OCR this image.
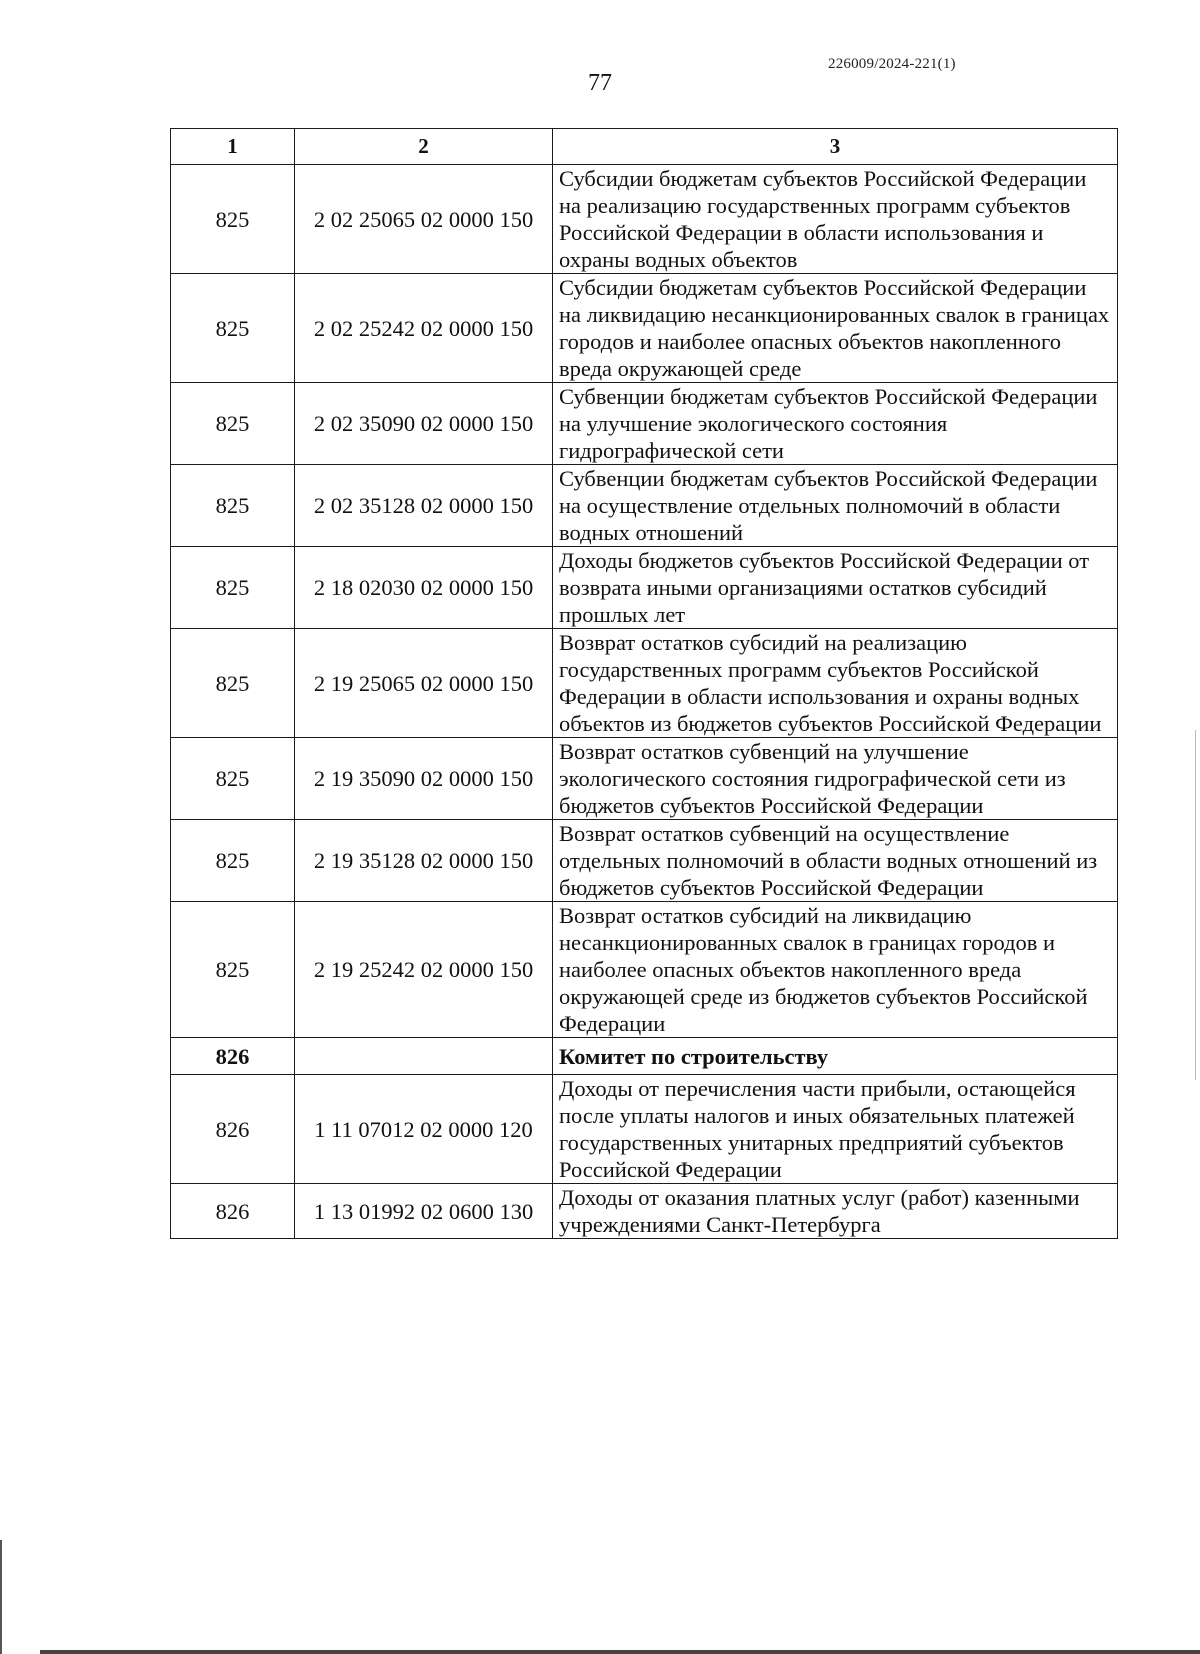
226009/2024-221(1)
77
1	2	3
825	2 02 25065 02 0000 150	Субсидии бюджетам субъектов Российской Федерации на реализацию государственных программ субъектов Российской Федерации в области использования и охраны водных объектов
825	2 02 25242 02 0000 150	Субсидии бюджетам субъектов Российской Федерации на ликвидацию несанкционированных свалок в границах городов и наиболее опасных объектов накопленного вреда окружающей среде
825	2 02 35090 02 0000 150	Субвенции бюджетам субъектов Российской Федерации на улучшение экологического состояния гидрографической сети
825	2 02 35128 02 0000 150	Субвенции бюджетам субъектов Российской Федерации на осуществление отдельных полномочий в области водных отношений
825	2 18 02030 02 0000 150	Доходы бюджетов субъектов Российской Федерации от возврата иными организациями остатков субсидий прошлых лет
825	2 19 25065 02 0000 150	Возврат остатков субсидий на реализацию государственных программ субъектов Российской Федерации в области использования и охраны водных объектов из бюджетов субъектов Российской Федерации
825	2 19 35090 02 0000 150	Возврат остатков субвенций на улучшение экологического состояния гидрографической сети из бюджетов субъектов Российской Федерации
825	2 19 35128 02 0000 150	Возврат остатков субвенций на осуществление отдельных полномочий в области водных отношений из бюджетов субъектов Российской Федерации
825	2 19 25242 02 0000 150	Возврат остатков субсидий на ликвидацию несанкционированных свалок в границах городов и наиболее опасных объектов накопленного вреда окружающей среде из бюджетов субъектов Российской Федерации
826		Комитет по строительству
826	1 11 07012 02 0000 120	Доходы от перечисления части прибыли, остающейся после уплаты налогов и иных обязательных платежей государственных унитарных предприятий субъектов Российской Федерации
826	1 13 01992 02 0600 130	Доходы от оказания платных услуг (работ) казенными учреждениями Санкт-Петербурга
